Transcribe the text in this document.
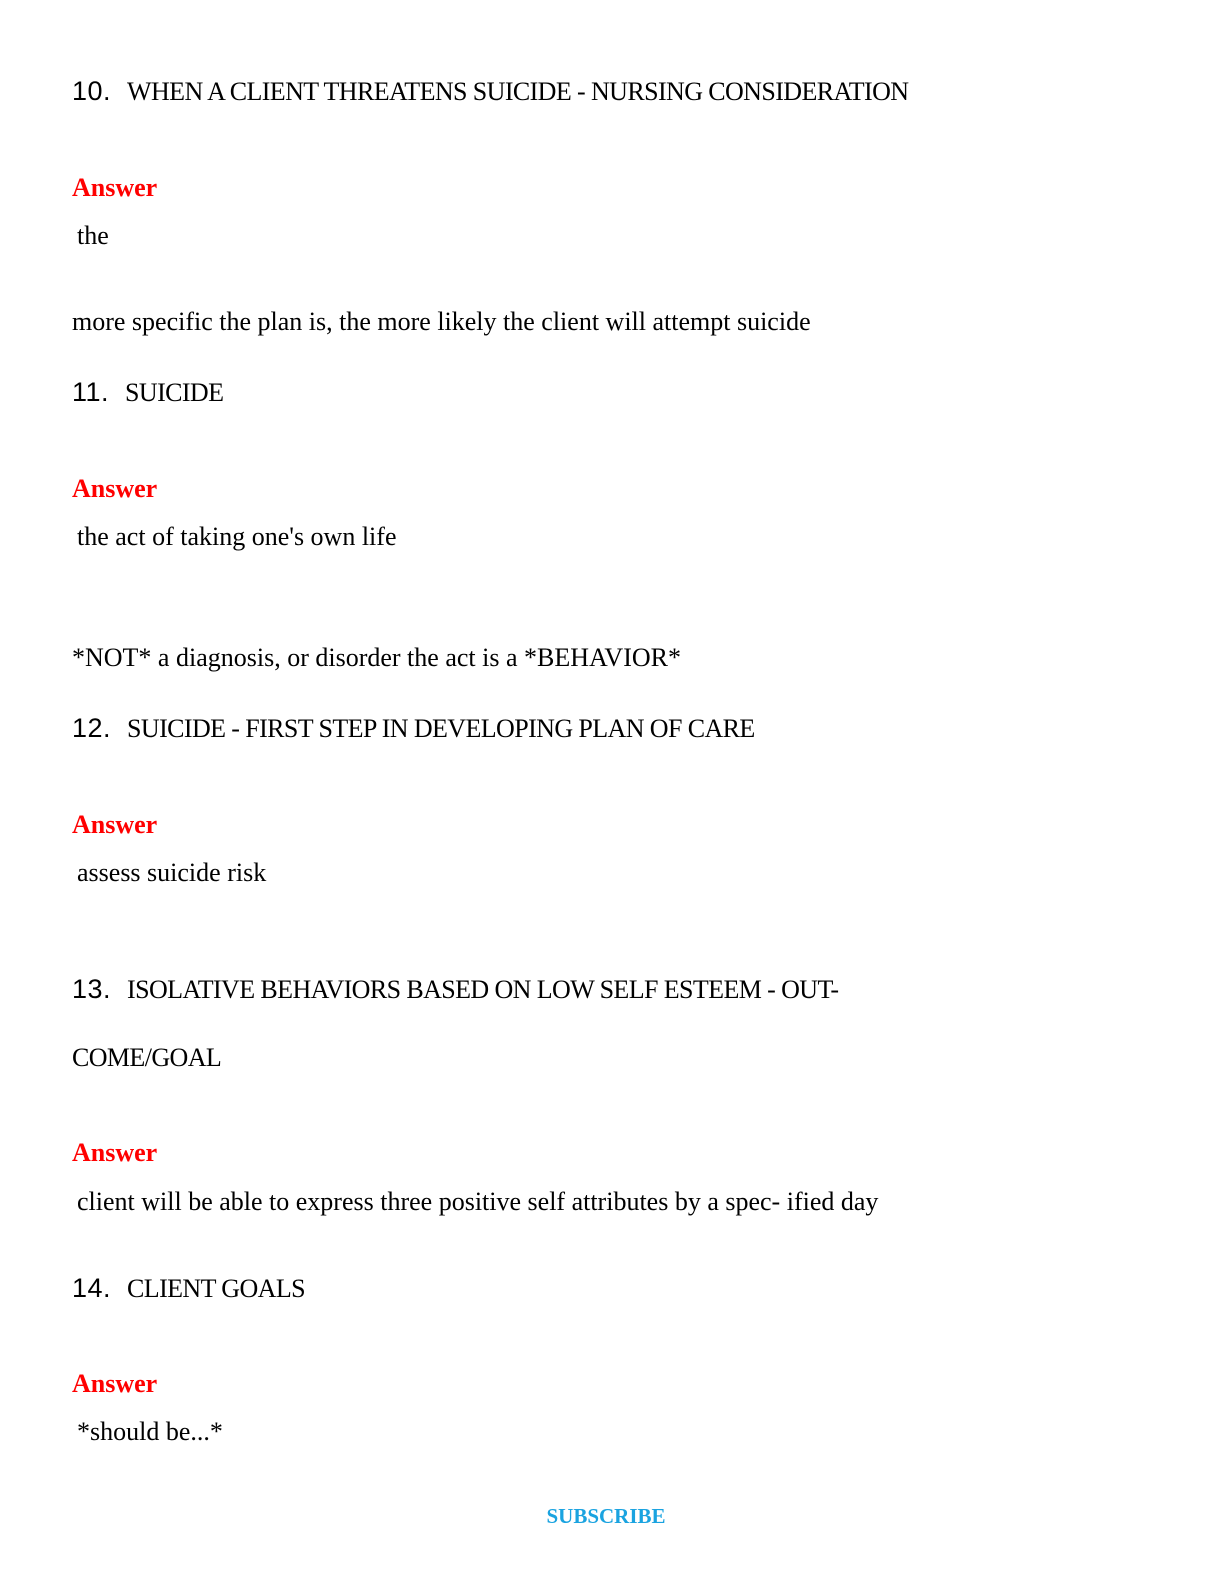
10. WHEN A CLIENT THREATENS SUICIDE - NURSING CONSIDERATION
Answer
the
more specific the plan is, the more likely the client will attempt suicide
11. SUICIDE
Answer
the act of taking one's own life
*NOT* a diagnosis, or disorder the act is a *BEHAVIOR*
12. SUICIDE - FIRST STEP IN DEVELOPING PLAN OF CARE
Answer
assess suicide risk
13. ISOLATIVE BEHAVIORS BASED ON LOW SELF ESTEEM - OUT-
COME/GOAL
Answer
client will be able to express three positive self attributes by a spec- ified day
14. CLIENT GOALS
Answer
*should be...*
SUBSCRIBE
